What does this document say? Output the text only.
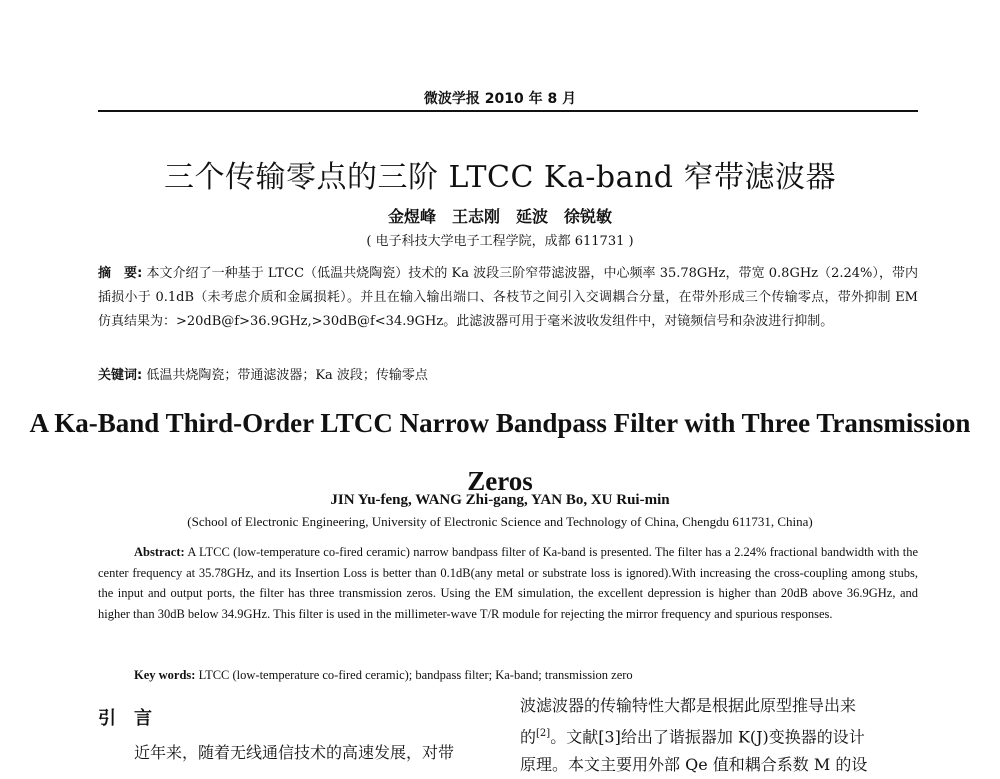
微波学报 2010 年 8 月
三个传输零点的三阶 LTCC Ka-band 窄带滤波器
金煜峰　王志刚　延波　徐锐敏
( 电子科技大学电子工程学院，成都 611731 )
摘　要: 本文介绍了一种基于 LTCC（低温共烧陶瓷）技术的 Ka 波段三阶窄带滤波器，中心频率 35.78GHz，带宽 0.8GHz（2.24%），带内插损小于 0.1dB（未考虑介质和金属损耗）。并且在输入输出端口、各枝节之间引入交调耦合分量，在带外形成三个传输零点，带外抑制 EM 仿真结果为：>20dB@f>36.9GHz,>30dB@f<34.9GHz。此滤波器可用于毫米波收发组件中，对镜频信号和杂波进行抑制。
关键词: 低温共烧陶瓷；带通滤波器；Ka 波段；传输零点
A Ka-Band Third-Order LTCC Narrow Bandpass Filter with Three Transmission Zeros
JIN Yu-feng, WANG Zhi-gang, YAN Bo, XU Rui-min
(School of Electronic Engineering, University of Electronic Science and Technology of China, Chengdu 611731, China)
Abstract: A LTCC (low-temperature co-fired ceramic) narrow bandpass filter of Ka-band is presented. The filter has a 2.24% fractional bandwidth with the center frequency at 35.78GHz, and its Insertion Loss is better than 0.1dB(any metal or substrate loss is ignored).With increasing the cross-coupling among stubs, the input and output ports, the filter has three transmission zeros. Using the EM simulation, the excellent depression is higher than 20dB above 36.9GHz, and higher than 30dB below 34.9GHz. This filter is used in the millimeter-wave T/R module for rejecting the mirror frequency and spurious responses.
Key words: LTCC (low-temperature co-fired ceramic); bandpass filter; Ka-band; transmission zero
引言
近年来，随着无线通信技术的高速发展，对带
波滤波器的传输特性大都是根据此原型推导出来
的[2]。文献[3]给出了谐振器加 K(J)变换器的设计
原理。本文主要用外部 Qe 值和耦合系数 M 的设
